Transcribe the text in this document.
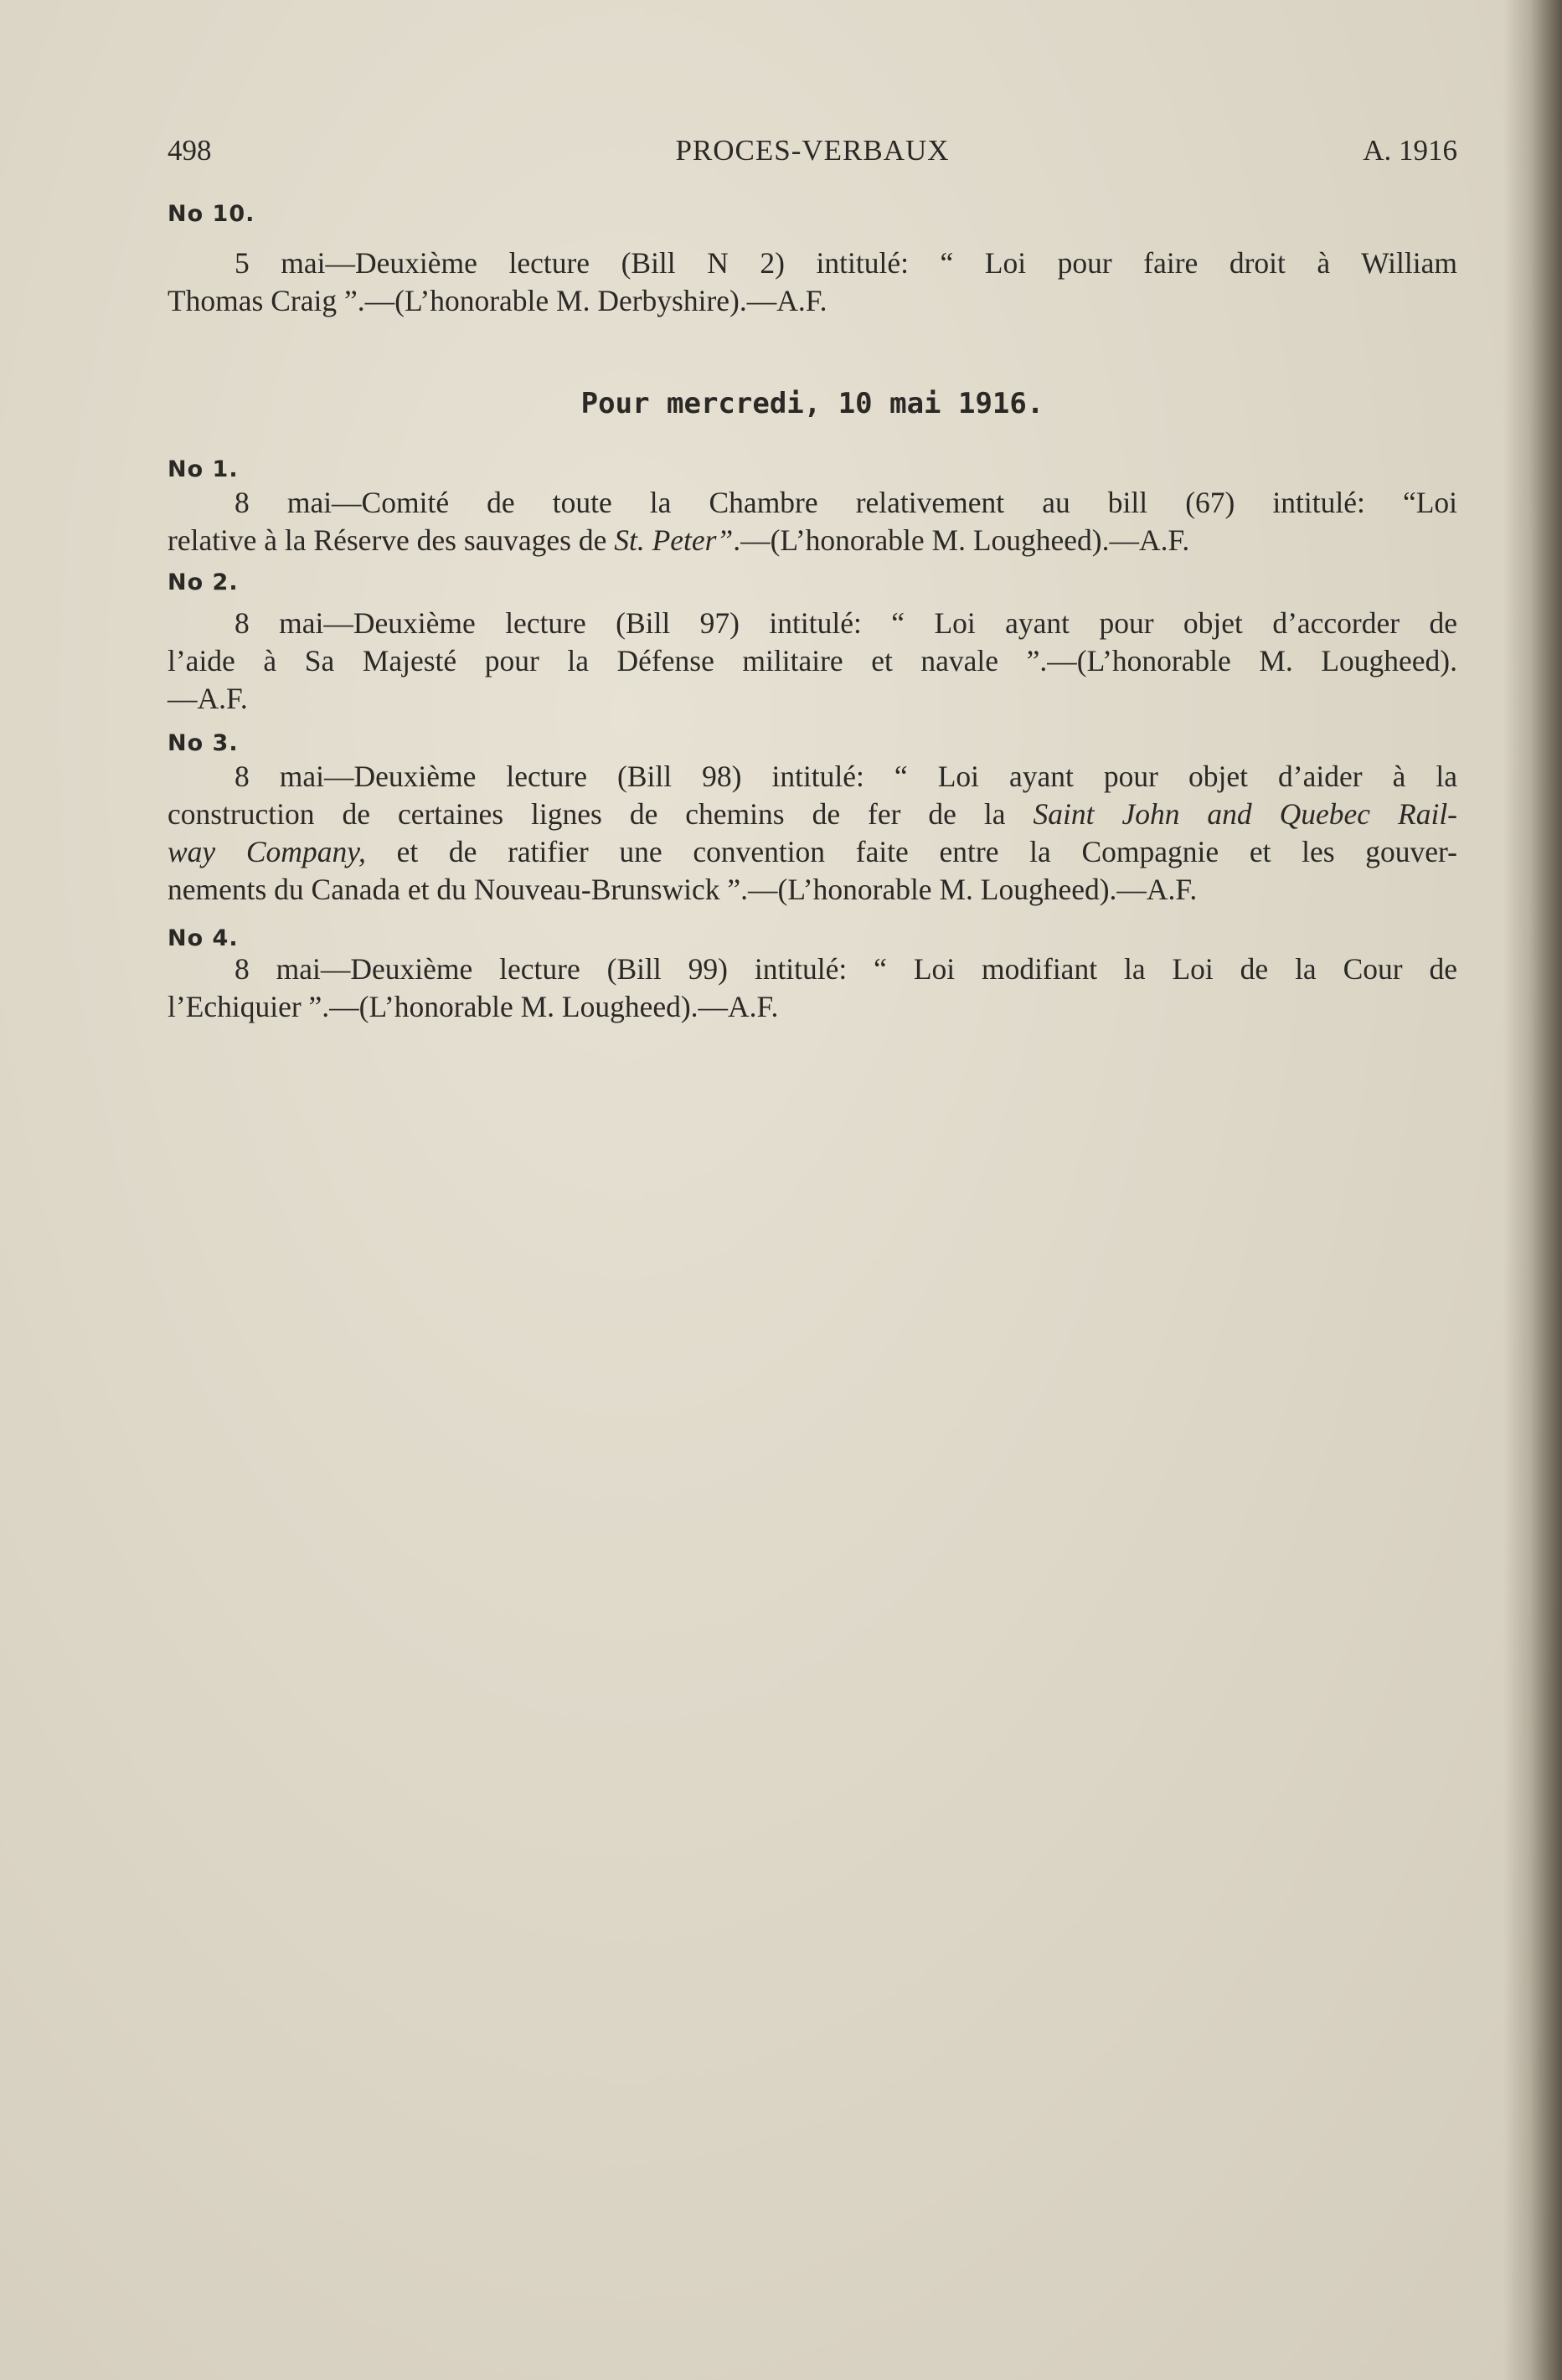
498	PROCES-VERBAUX	A. 1916
No 10.
5 mai—Deuxième lecture (Bill N 2) intitulé: “ Loi pour faire droit à William
Thomas Craig ”.—(L’honorable M. Derbyshire).—A.F.
Pour mercredi, 10 mai 1916.
No 1.
8 mai—Comité de toute la Chambre relativement au bill (67) intitulé: “Loi
relative à la Réserve des sauvages de St. Peter”.—(L’honorable M. Lougheed).—A.F.
No 2.
8 mai—Deuxième lecture (Bill 97) intitulé: “ Loi ayant pour objet d’accorder de
l’aide à Sa Majesté pour la Défense militaire et navale ”.—(L’honorable M. Lougheed).
—A.F.
No 3.
8 mai—Deuxième lecture (Bill 98) intitulé: “ Loi ayant pour objet d’aider à la
construction de certaines lignes de chemins de fer de la Saint John and Quebec Rail-
way Company, et de ratifier une convention faite entre la Compagnie et les gouver-
nements du Canada et du Nouveau-Brunswick ”.—(L’honorable M. Lougheed).—A.F.
No 4.
8 mai—Deuxième lecture (Bill 99) intitulé: “ Loi modifiant la Loi de la Cour de
l’Echiquier ”.—(L’honorable M. Lougheed).—A.F.
